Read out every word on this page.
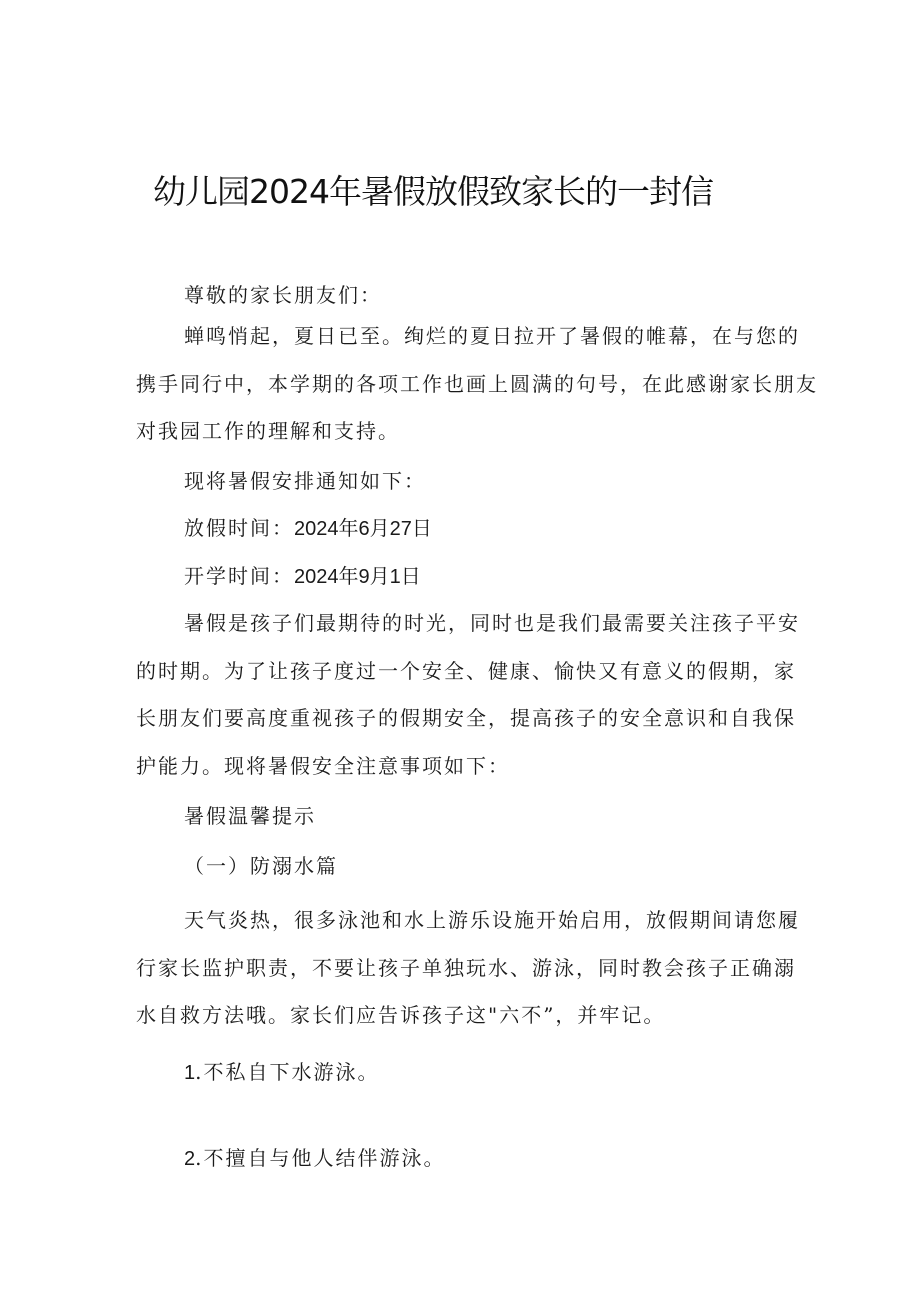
幼儿园2024年暑假放假致家长的一封信
尊敬的家长朋友们：
蝉鸣悄起，夏日已至。绚烂的夏日拉开了暑假的帷幕，在与您的
携手同行中，本学期的各项工作也画上圆满的句号，在此感谢家长朋友
对我园工作的理解和支持。
现将暑假安排通知如下：
放假时间：2024年6月27日
开学时间：2024年9月1日
暑假是孩子们最期待的时光，同时也是我们最需要关注孩子平安
的时期。为了让孩子度过一个安全、健康、愉快又有意义的假期，家
长朋友们要高度重视孩子的假期安全，提高孩子的安全意识和自我保
护能力。现将暑假安全注意事项如下：
暑假温馨提示
（一）防溺水篇
天气炎热，很多泳池和水上游乐设施开始启用，放假期间请您履
行家长监护职责，不要让孩子单独玩水、游泳，同时教会孩子正确溺
水自救方法哦。家长们应告诉孩子这"六不”，并牢记。
1.不私自下水游泳。
2.不擅自与他人结伴游泳。
